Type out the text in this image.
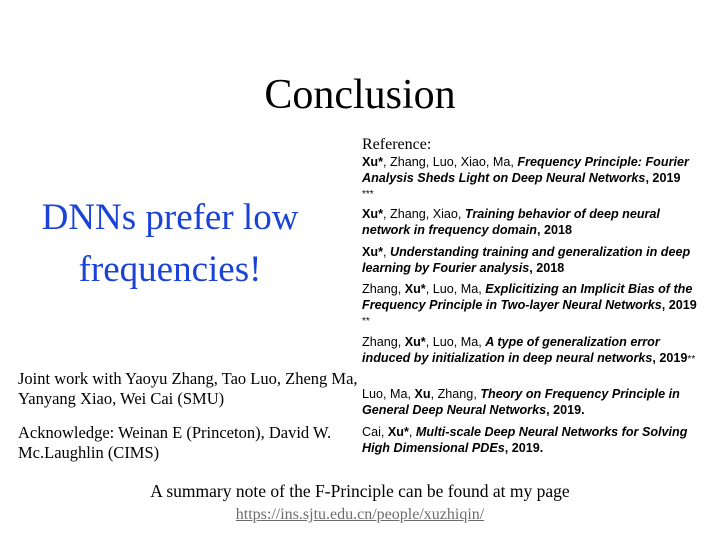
Conclusion
Reference:
Xu*, Zhang, Luo, Xiao, Ma, Frequency Principle: Fourier Analysis Sheds Light on Deep Neural Networks, 2019
***
Xu*, Zhang, Xiao, Training behavior of deep neural network in frequency domain, 2018
Xu*, Understanding training and generalization in deep learning by Fourier analysis, 2018
Zhang, Xu*, Luo, Ma, Explicitizing an Implicit Bias of the Frequency Principle in Two-layer Neural Networks, 2019 **
Zhang, Xu*, Luo, Ma, A type of generalization error induced by initialization in deep neural networks, 2019**
Luo, Ma, Xu, Zhang, Theory on Frequency Principle in General Deep Neural Networks, 2019.
Cai, Xu*, Multi-scale Deep Neural Networks for Solving High Dimensional PDEs, 2019.
DNNs prefer low
frequencies!
Joint work with Yaoyu Zhang, Tao Luo, Zheng Ma, Yanyang Xiao, Wei Cai (SMU)
Acknowledge: Weinan E (Princeton), David W. Mc.Laughlin (CIMS)
A summary note of the F-Principle can be found at my page
https://ins.sjtu.edu.cn/people/xuzhiqin/
